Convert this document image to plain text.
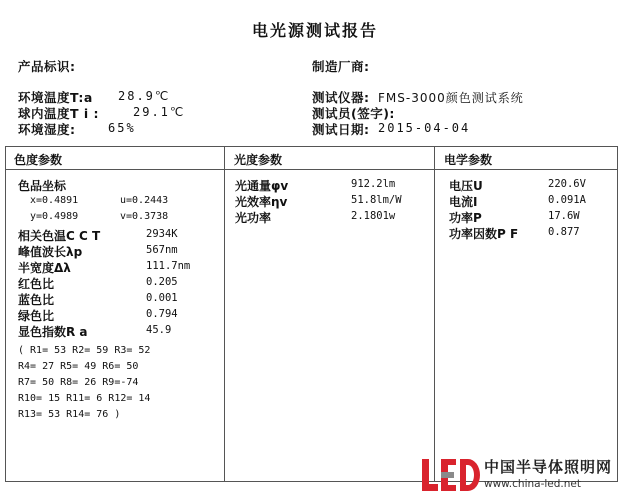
电光源测试报告
产品标识:	制造厂商:
环境温度T:a 28.9℃
球内温度T i :	29.1℃
环境湿度:	65%
测试仪器: FMS-3000颜色测试系统
测试员(签字):
测试日期: 2015-04-04
色度参数	光度参数	电学参数
色品坐标
x=0.4891	u=0.2443
y=0.4989	v=0.3738
相关色温C C T	2934K
峰值波长λp	567nm
半宽度Δλ	111.7nm
红色比	0.205
蓝色比	0.001
绿色比	0.794
显色指数R a	45.9
( R1= 53 R2= 59 R3= 52
R4= 27 R5= 49 R6= 50
R7= 50 R8= 26 R9=-74
R10= 15 R11= 6 R12= 14
R13= 53 R14= 76 )
光通量φv	912.2lm
光效率ηv	51.8lm/W
光功率	2.1801w
电压U	220.6V
电流I	0.091A
功率P	17.6W
功率因数P F	0.877
中国半导体照明网
www.china-led.net
